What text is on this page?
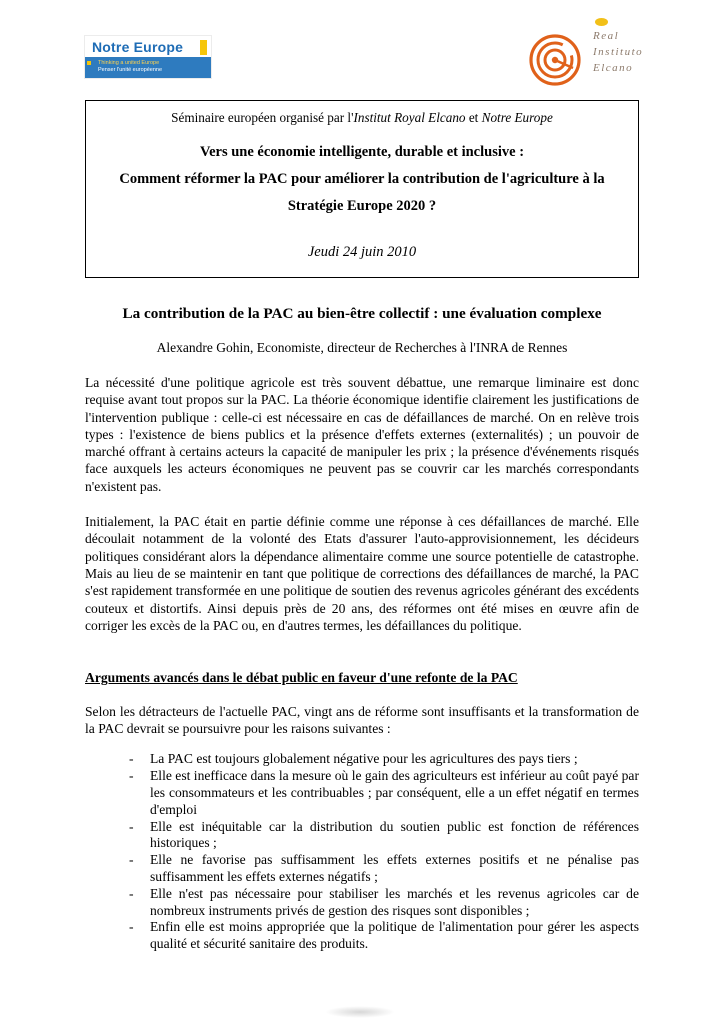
Notre Europe
Thinking a united Europe
Penser l'unité européenne
Real
Instituto
Elcano
Séminaire européen organisé par l'Institut Royal Elcano et Notre Europe
Vers une économie intelligente, durable et inclusive :
Comment réformer la PAC pour améliorer la contribution de l'agriculture à la
Stratégie Europe 2020 ?
Jeudi 24 juin 2010
La contribution de la PAC au bien-être collectif : une évaluation complexe
Alexandre Gohin, Economiste, directeur de Recherches à l'INRA de Rennes

La nécessité d'une politique agricole est très souvent débattue, une remarque liminaire est donc requise avant tout propos sur la PAC. La théorie économique identifie clairement les justifications de l'intervention publique : celle-ci est nécessaire en cas de défaillances de marché. On en relève trois types : l'existence de biens publics et la présence d'effets externes (externalités) ; un pouvoir de marché offrant à certains acteurs la capacité de manipuler les prix ; la présence d'événements risqués face auxquels les acteurs économiques ne peuvent pas se couvrir car les marchés correspondants n'existent pas.

Initialement, la PAC était en partie définie comme une réponse à ces défaillances de marché. Elle découlait notamment de la volonté des Etats d'assurer l'auto-approvisionnement, les décideurs politiques considérant alors la dépendance alimentaire comme une source potentielle de catastrophe. Mais au lieu de se maintenir en tant que politique de corrections des défaillances de marché, la PAC s'est rapidement transformée en une politique de soutien des revenus agricoles générant des excédents couteux et distortifs. Ainsi depuis près de 20 ans, des réformes ont été mises en œuvre afin de corriger les excès de la PAC ou, en d'autres termes, les défaillances du politique.

Arguments avancés dans le débat public en faveur d'une refonte de la PAC

Selon les détracteurs de l'actuelle PAC, vingt ans de réforme sont insuffisants et la transformation de la PAC devrait se poursuivre pour les raisons suivantes :

-	La PAC est toujours globalement négative pour les agricultures des pays tiers ;
-	Elle est inefficace dans la mesure où le gain des agriculteurs est inférieur au coût payé par les consommateurs et les contribuables ; par conséquent, elle a un effet négatif en termes d'emploi
-	Elle est inéquitable car la distribution du soutien public est fonction de références historiques ;
-	Elle ne favorise pas suffisamment les effets externes positifs et ne pénalise pas suffisamment les effets externes négatifs ;
-	Elle n'est pas nécessaire pour stabiliser les marchés et les revenus agricoles car de nombreux instruments privés de gestion des risques sont disponibles ;
-	Enfin elle est moins appropriée que la politique de l'alimentation pour gérer les aspects qualité et sécurité sanitaire des produits.
